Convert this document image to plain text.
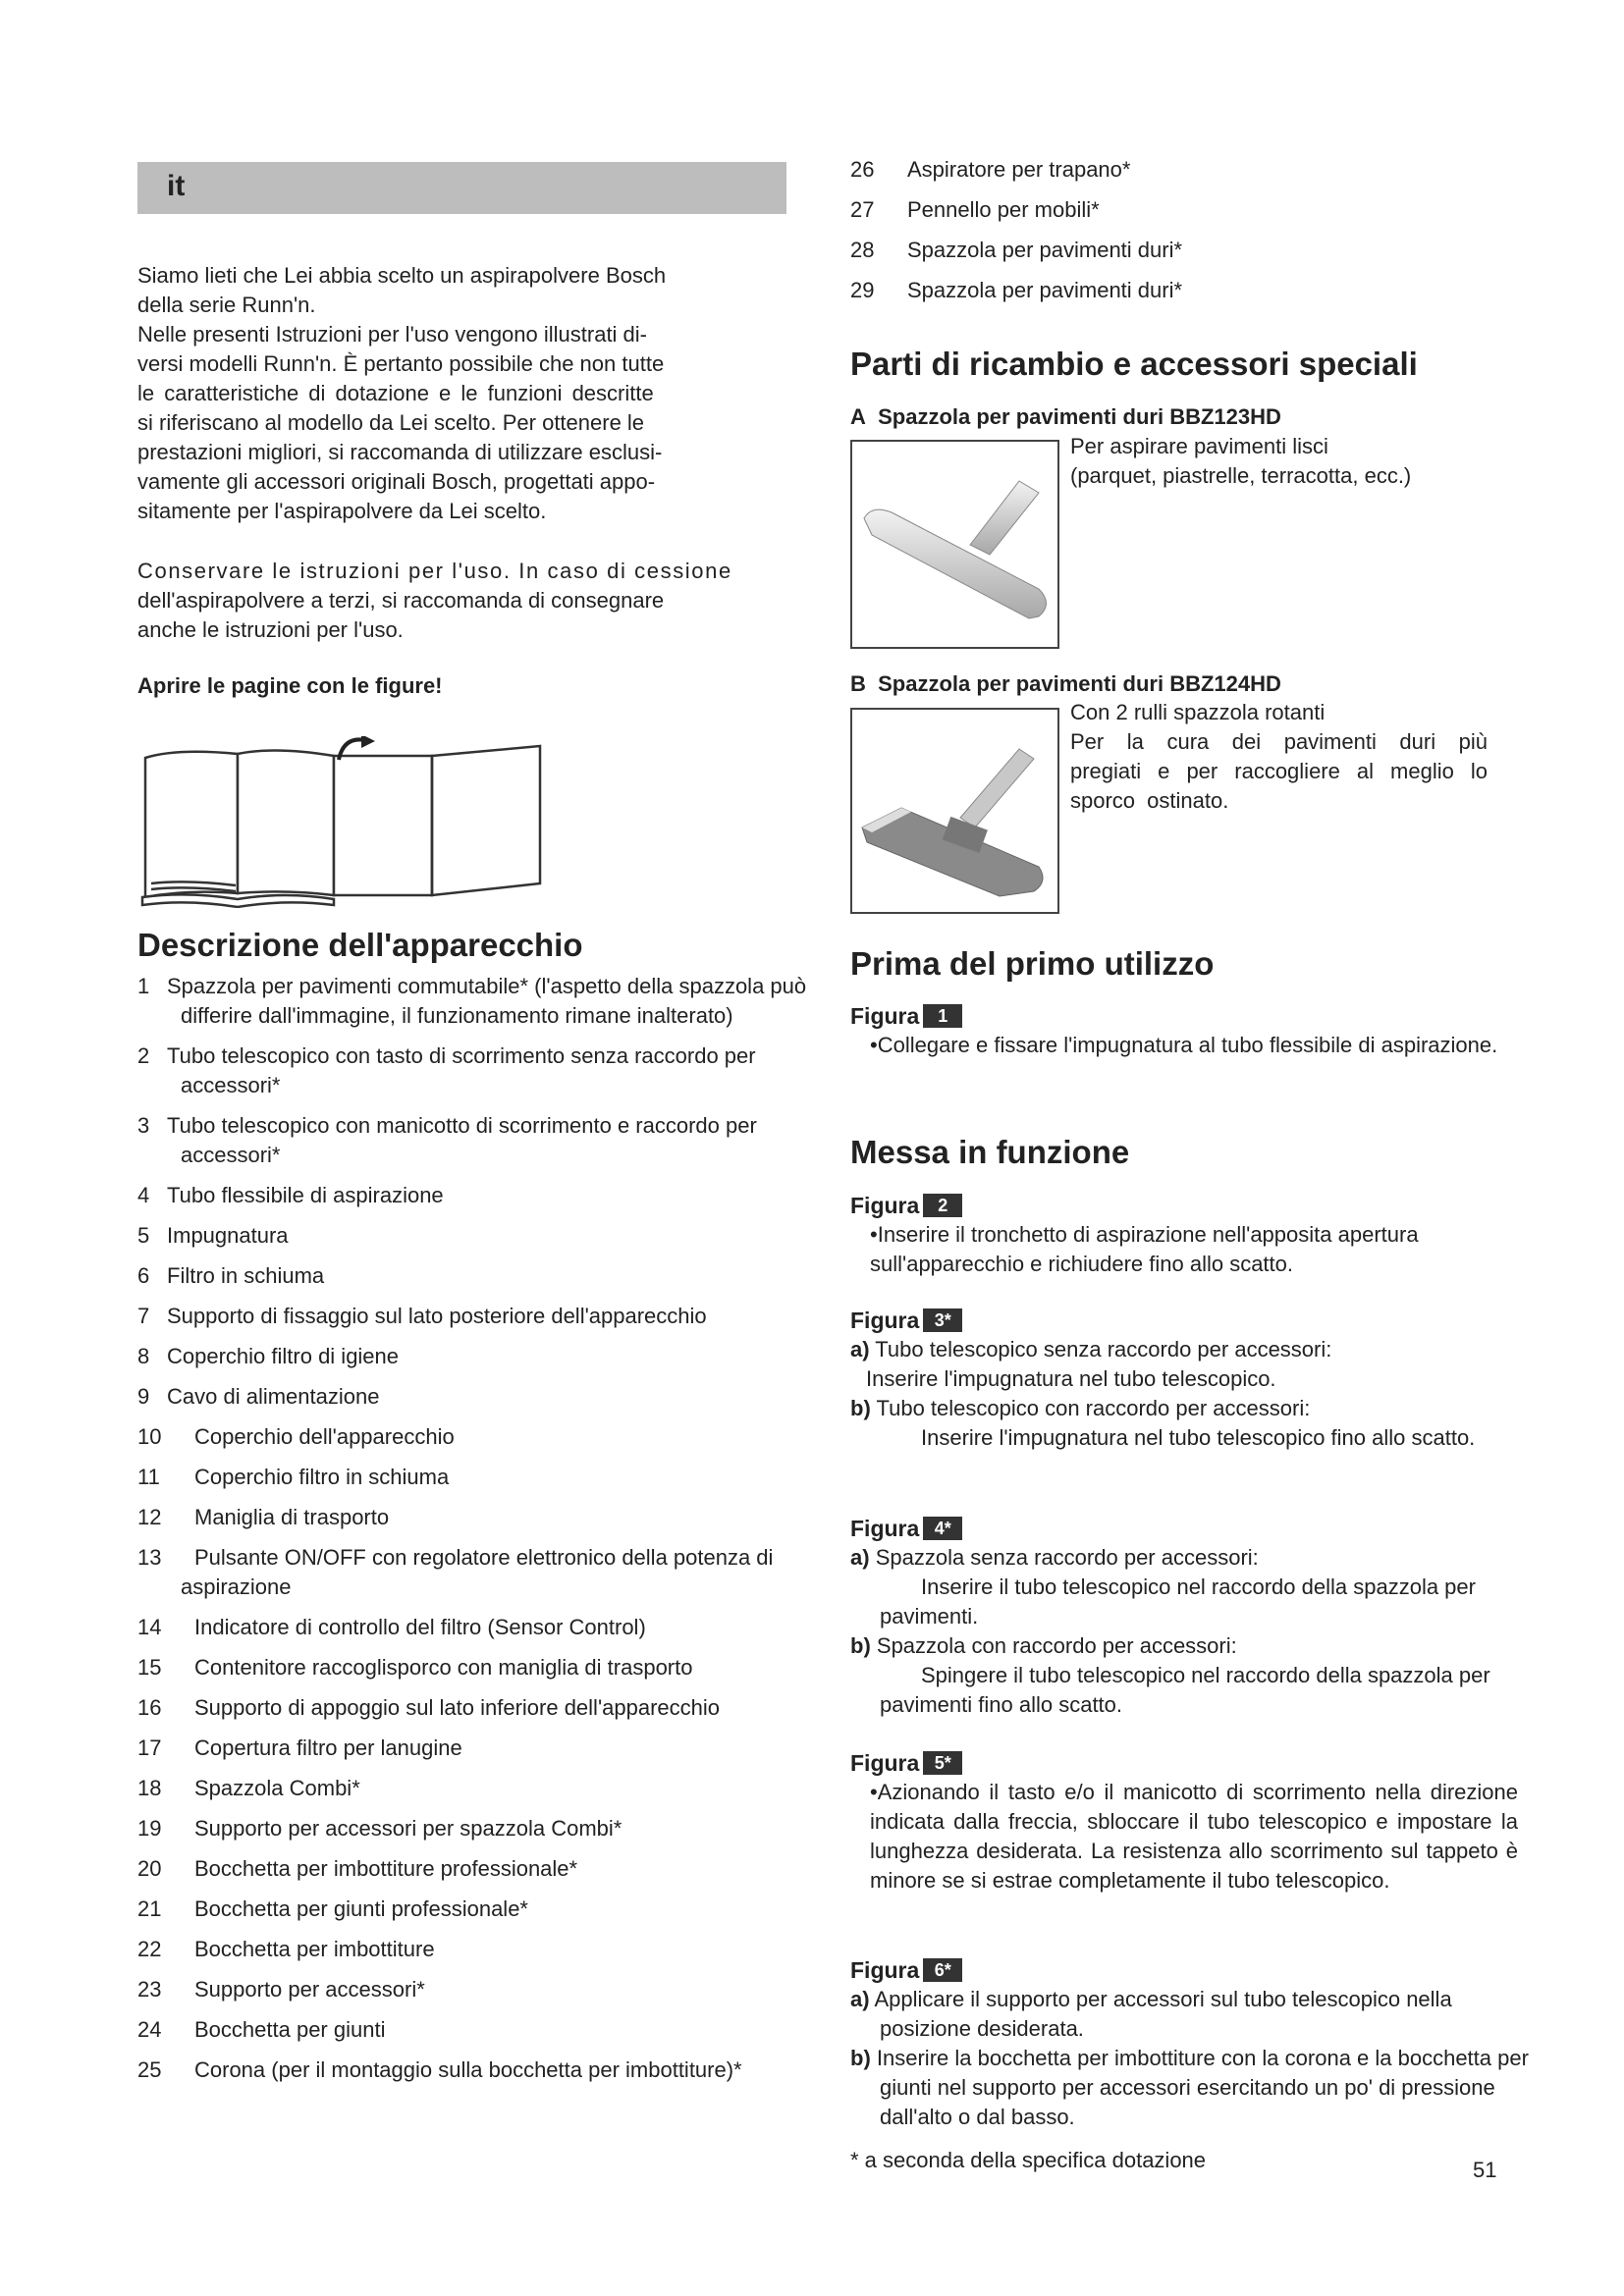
it

Siamo lieti che Lei abbia scelto un aspirapolvere Bosch

della serie Runn'n.

Nelle presenti Istruzioni per l'uso vengono illustrati di-

versi modelli Runn'n. È pertanto possibile che non tutte

le caratteristiche di dotazione e le funzioni descritte

si riferiscano al modello da Lei scelto. Per ottenere le

prestazioni migliori, si raccomanda di utilizzare esclusi-

vamente gli accessori originali Bosch, progettati appo-

sitamente per l'aspirapolvere da Lei scelto.

Conservare le istruzioni per l'uso. In caso di cessione

dell'aspirapolvere a terzi, si raccomanda di consegnare

anche le istruzioni per l'uso.

Aprire le pagine con le figure!
Descrizione dell'apparecchio
1 Spazzola per pavimenti commutabile* (l'aspetto della spazzola può differire dall'immagine, il funzionamento rimane inalterato)
2 Tubo telescopico con tasto di scorrimento senza raccordo per accessori*
3 Tubo telescopico con manicotto di scorrimento e raccordo per accessori*
4 Tubo flessibile di aspirazione
5 Impugnatura
6 Filtro in schiuma
7 Supporto di fissaggio sul lato posteriore dell'apparecchio
8 Coperchio filtro di igiene
9 Cavo di alimentazione
10 Coperchio dell'apparecchio
11 Coperchio filtro in schiuma
12 Maniglia di trasporto
13 Pulsante ON/OFF con regolatore elettronico della potenza di aspirazione
14 Indicatore di controllo del filtro (Sensor Control)
15 Contenitore raccoglisporco con maniglia di trasporto
16 Supporto di appoggio sul lato inferiore dell'apparecchio
17 Copertura filtro per lanugine
18 Spazzola Combi*
19 Supporto per accessori per spazzola Combi*
20 Bocchetta per imbottiture professionale*
21 Bocchetta per giunti professionale*
22 Bocchetta per imbottiture
23 Supporto per accessori*
24 Bocchetta per giunti
25 Corona (per il montaggio sulla bocchetta per imbottiture)*
26 Aspiratore per trapano*
27 Pennello per mobili*
28 Spazzola per pavimenti duri*
29 Spazzola per pavimenti duri*
Parti di ricambio e accessori speciali
A Spazzola per pavimenti duri BBZ123HD

Per aspirare pavimenti lisci

(parquet, piastrelle, terracotta, ecc.)

B Spazzola per pavimenti duri BBZ124HD

Con 2 rulli spazzola rotanti

Per la cura dei pavimenti duri più pregiati e per raccogliere al meglio lo sporco ostinato.

Prima del primo utilizzo
Figura	1

•Collegare e fissare l'impugnatura al tubo flessibile di aspirazione.

Messa in funzione
Figura	2

•Inserire il tronchetto di aspirazione nell'apposita apertura sull'apparecchio e richiudere fino allo scatto.

Figura 3*

a) Tubo telescopico senza raccordo per accessori:

Inserire l'impugnatura nel tubo telescopico.

b) Tubo telescopico con raccordo per accessori:

Inserire l'impugnatura nel tubo telescopico fino allo scatto.

Figura 4*

a) Spazzola senza raccordo per accessori:

Inserire il tubo telescopico nel raccordo della spazzola per pavimenti.

b) Spazzola con raccordo per accessori:

Spingere il tubo telescopico nel raccordo della spazzola per pavimenti fino allo scatto.

Figura 5*

•Azionando il tasto e/o il manicotto di scorrimento nella direzione indicata dalla freccia, sbloccare il tubo telescopico e impostare la lunghezza desiderata. La resistenza allo scorrimento sul tappeto è minore se si estrae completamente il tubo telescopico.

Figura 6*

a) Applicare il supporto per accessori sul tubo telescopico nella posizione desiderata.

b) Inserire la bocchetta per imbottiture con la corona e la bocchetta per giunti nel supporto per accessori esercitando un po' di pressione dall'alto o dal basso.

* a seconda della specifica dotazione	51
